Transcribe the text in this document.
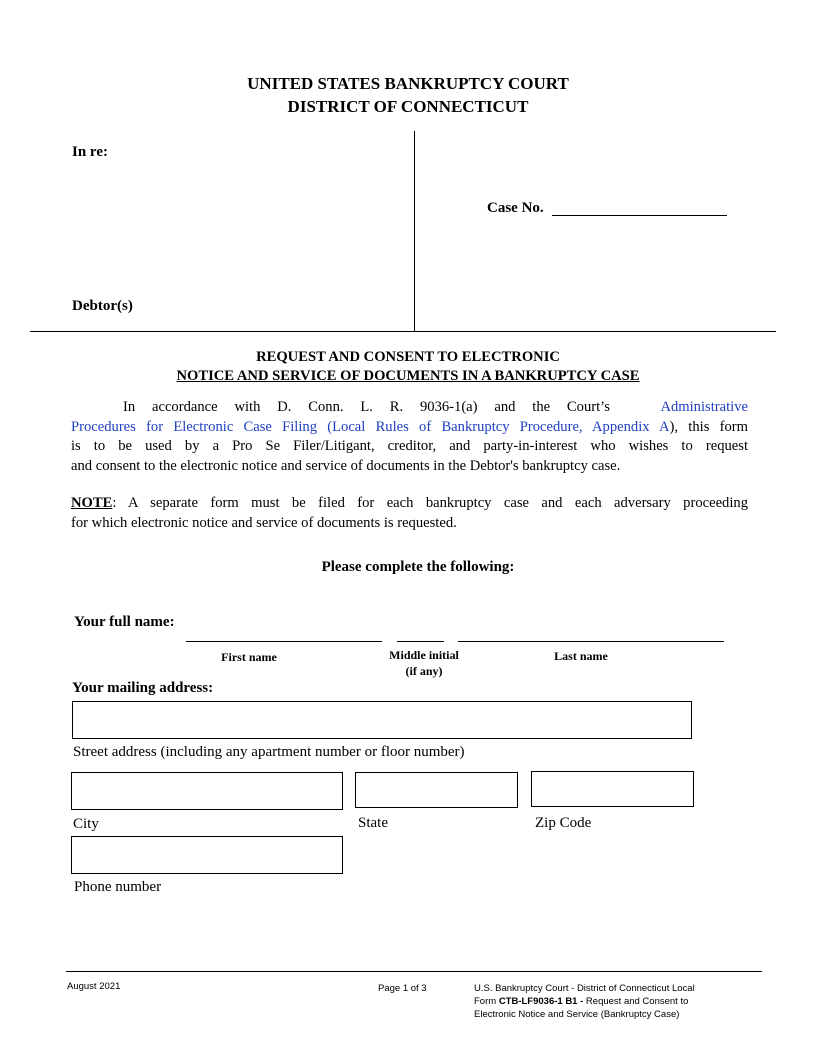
UNITED STATES BANKRUPTCY COURT
DISTRICT OF CONNECTICUT
In re:
Case No.
Debtor(s)
REQUEST AND CONSENT TO ELECTRONIC
NOTICE AND SERVICE OF DOCUMENTS IN A BANKRUPTCY CASE
In accordance with D. Conn. L. R. 9036-1(a) and the Court’s	Administrative
Procedures for Electronic Case Filing (Local Rules of Bankruptcy Procedure, Appendix A), this form
is to be used by a Pro Se Filer/Litigant, creditor, and party-in-interest who wishes to request
and consent to the electronic notice and service of documents in the Debtor's bankruptcy case.
NOTE: A separate form must be filed for each bankruptcy case and each adversary proceeding
for which electronic notice and service of documents is requested.
Please complete the following:
Your full name:
First name	Middle initial
(if any)
Last name
Your mailing address:
Street address (including any apartment number or floor number)
City	State	Zip Code
Phone number
August 2021	Page 1 of 3	U.S. Bankruptcy Court - District of Connecticut Local
Form CTB-LF9036-1 B1 - Request and Consent to
Electronic Notice and Service (Bankruptcy Case)
